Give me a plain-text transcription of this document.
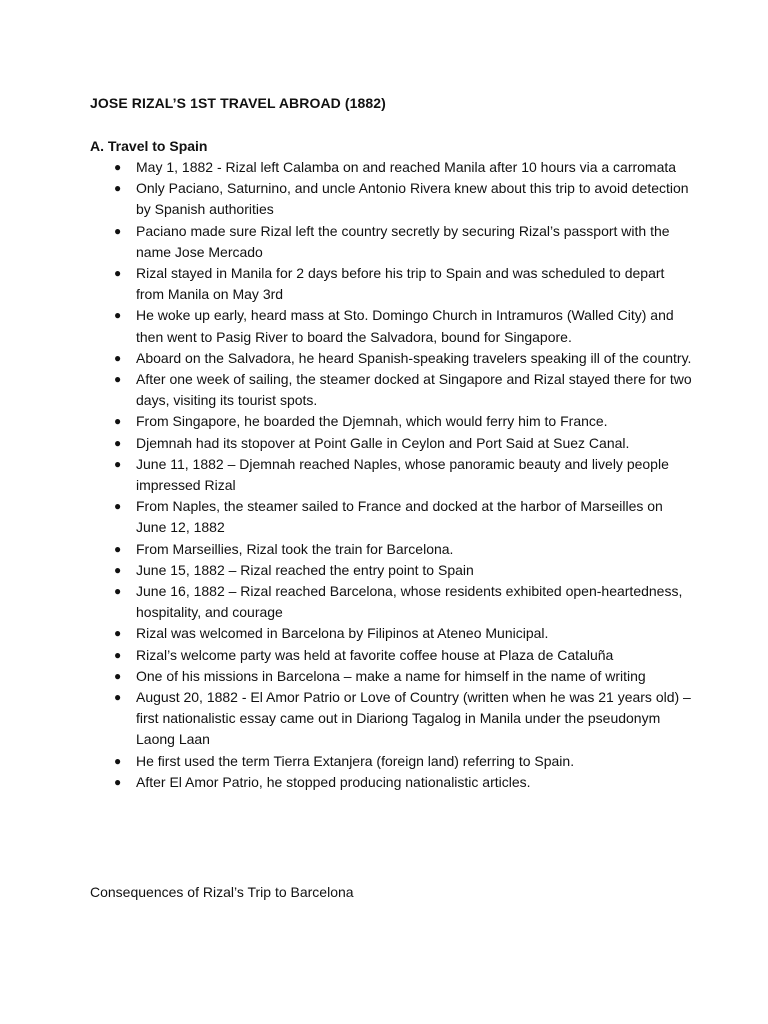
JOSE RIZAL’S 1ST TRAVEL ABROAD (1882)
A. Travel to Spain
●	May 1, 1882 - Rizal left Calamba on and reached Manila after 10 hours via a carromata
●	Only Paciano, Saturnino, and uncle Antonio Rivera knew about this trip to avoid detection by Spanish authorities
●	Paciano made sure Rizal left the country secretly by securing Rizal’s passport with the name Jose Mercado
●	Rizal stayed in Manila for 2 days before his trip to Spain and was scheduled to depart from Manila on May 3rd
●	He woke up early, heard mass at Sto. Domingo Church in Intramuros (Walled City) and then went to Pasig River to board the Salvadora, bound for Singapore.
●	Aboard on the Salvadora, he heard Spanish-speaking travelers speaking ill of the country.
●	After one week of sailing, the steamer docked at Singapore and Rizal stayed there for two days, visiting its tourist spots.
●	From Singapore, he boarded the Djemnah, which would ferry him to France.
●	Djemnah had its stopover at Point Galle in Ceylon and Port Said at Suez Canal.
●	June 11, 1882 – Djemnah reached Naples, whose panoramic beauty and lively people impressed Rizal
●	From Naples, the steamer sailed to France and docked at the harbor of Marseilles on June 12, 1882
●	From Marseillies, Rizal took the train for Barcelona.
●	June 15, 1882 – Rizal reached the entry point to Spain
●	June 16, 1882 – Rizal reached Barcelona, whose residents exhibited open-heartedness, hospitality, and courage
●	Rizal was welcomed in Barcelona by Filipinos at Ateneo Municipal.
●	Rizal’s welcome party was held at favorite coffee house at Plaza de Cataluña
●	One of his missions in Barcelona – make a name for himself in the name of writing
●	August 20, 1882 - El Amor Patrio or Love of Country (written when he was 21 years old) – first nationalistic essay came out in Diariong Tagalog in Manila under the pseudonym Laong Laan
●	He first used the term Tierra Extanjera (foreign land) referring to Spain.
●	After El Amor Patrio, he stopped producing nationalistic articles.

Consequences of Rizal’s Trip to Barcelona
